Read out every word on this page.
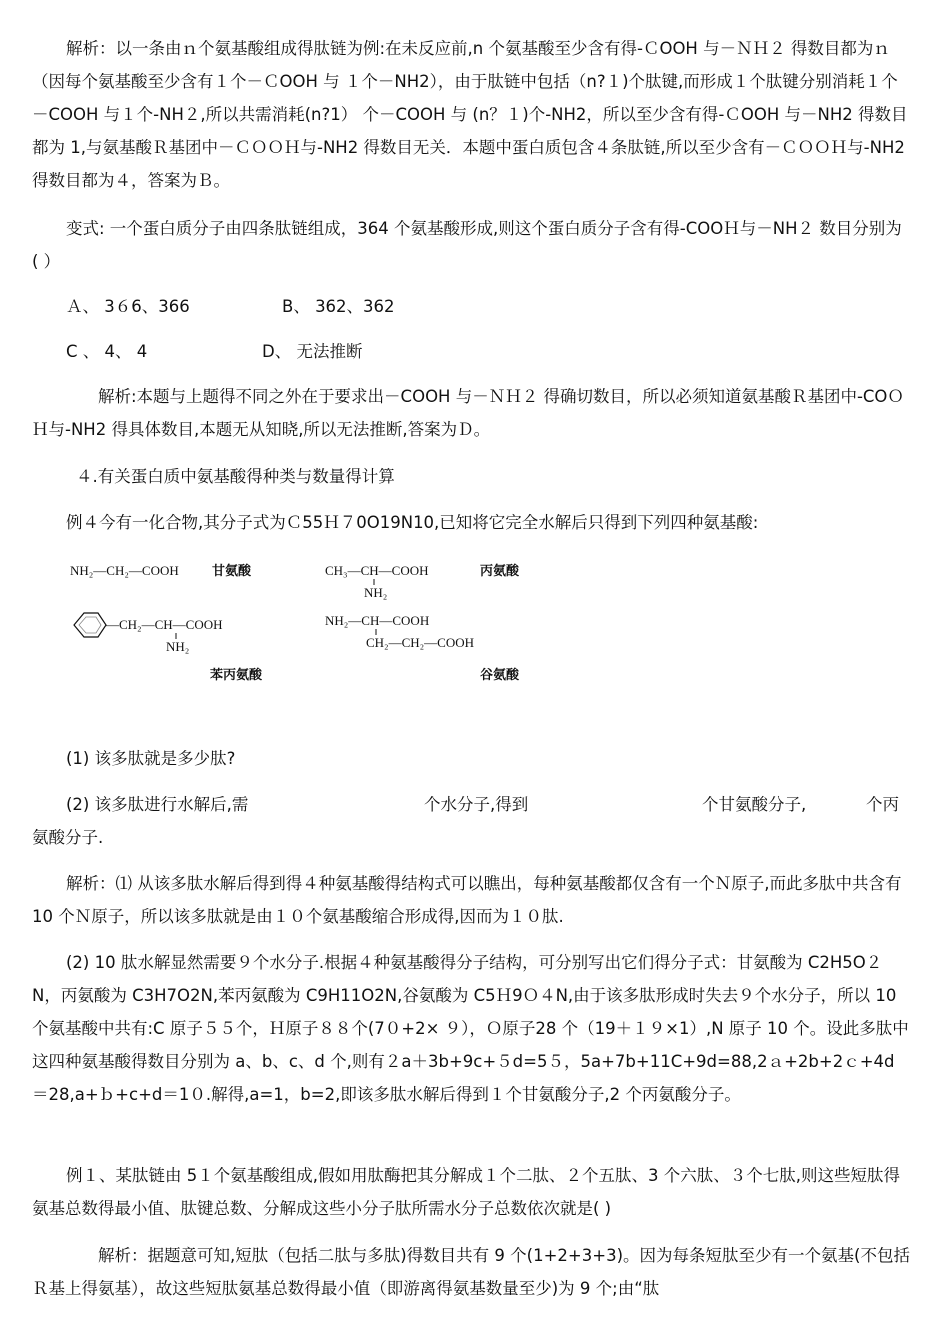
解析：以一条由ｎ个氨基酸组成得肽链为例:在未反应前,n 个氨基酸至少含有得-ＣOOH 与－ＮＨ２ 得数目都为ｎ（因每个氨基酸至少含有１个－ＣOOH 与 １个－NH2），由于肽链中包括（n?１)个肽键,而形成１个肽键分别消耗１个－COOH 与１个-NH２,所以共需消耗(n?1） 个－COOH 与 (n？１)个-NH2，所以至少含有得-ＣOOH 与－NH2 得数目都为 1,与氨基酸Ｒ基团中－ＣＯＯＨ与-NH2 得数目无关．本题中蛋白质包含４条肽链,所以至少含有－ＣＯＯＨ与-NH2 得数目都为４，答案为Ｂ。
变式: 一个蛋白质分子由四条肽链组成，364 个氨基酸形成,则这个蛋白质分子含有得-COOＨ与－NH２ 数目分别为 ( ）
Ａ、 3６6、366	B、 362、362
C 、 4、 4	D、 无法推断
解析:本题与上题得不同之外在于要求出－COOH 与－ＮＨ２ 得确切数目，所以必须知道氨基酸Ｒ基团中-COＯＨ与-NH2 得具体数目,本题无从知晓,所以无法推断,答案为Ｄ。
４.有关蛋白质中氨基酸得种类与数量得计算
例４今有一化合物,其分子式为Ｃ55Ｈ７0O19N10,已知将它完全水解后只得到下列四种氨基酸:
NH₂—CH₂—COOH	甘氨酸	CH₃—CH—COOH
NH₂
丙氨酸
—CH₂—CH—COOH
NH₂
苯丙氨酸
NH₂—CH—COOH
CH₂—CH₂—COOH
谷氨酸
(1) 该多肽就是多少肽?
(2) 该多肽进行水解后,需	个水分子,得到	个甘氨酸分子,	个丙
氨酸分子.
解析：⑴ 从该多肽水解后得到得４种氨基酸得结构式可以瞧出，每种氨基酸都仅含有一个Ｎ原子,而此多肽中共含有 10 个Ｎ原子，所以该多肽就是由１０个氨基酸缩合形成得,因而为１０肽.
(2) 10 肽水解显然需要９个水分子.根据４种氨基酸得分子结构，可分别写出它们得分子式：甘氨酸为 C2H5O２N，丙氨酸为 C3H7O2N,苯丙氨酸为 C9H11O2N,谷氨酸为 C5Ｈ9Ｏ４N,由于该多肽形成时失去９个水分子，所以 10 个氨基酸中共有:C 原子５５个，Ｈ原子８８个(7０+2× ９），Ｏ原子28 个（19＋１９×1）,N 原子 10 个。设此多肽中这四种氨基酸得数目分别为 a、b、c、d 个,则有２a＋3b+9c+５d=5５，5a+7b+11C+9d=88,2ａ+2b+2ｃ+4d＝28,a+ｂ+c+d＝1０.解得,a=1，b=2,即该多肽水解后得到１个甘氨酸分子,2 个丙氨酸分子。
例１、某肽链由 5１个氨基酸组成,假如用肽酶把其分解成１个二肽、２个五肽、3 个六肽、３个七肽,则这些短肽得氨基总数得最小值、肽键总数、分解成这些小分子肽所需水分子总数依次就是( )
解析：据题意可知,短肽（包括二肽与多肽)得数目共有 9 个(1+2+3+3)。因为每条短肽至少有一个氨基(不包括Ｒ基上得氨基），故这些短肽氨基总数得最小值（即游离得氨基数量至少)为 9 个;由“肽
